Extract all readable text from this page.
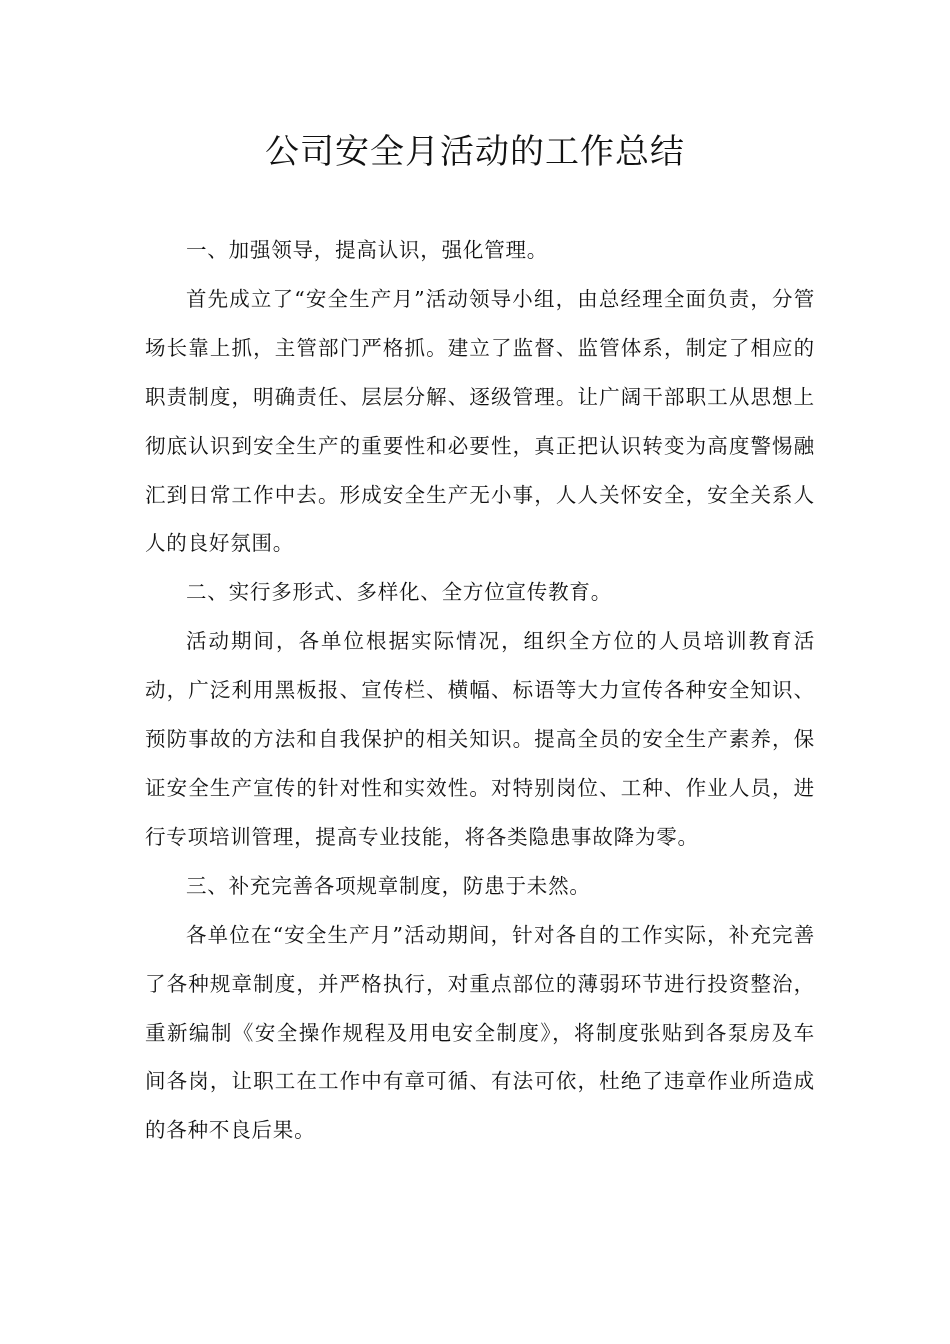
公司安全月活动的工作总结

一、加强领导，提高认识，强化管理。

首先成立了“安全生产月”活动领导小组，由总经理全面负责，分管场长靠上抓，主管部门严格抓。建立了监督、监管体系，制定了相应的职责制度，明确责任、层层分解、逐级管理。让广阔干部职工从思想上彻底认识到安全生产的重要性和必要性，真正把认识转变为高度警惕融汇到日常工作中去。形成安全生产无小事，人人关怀安全，安全关系人人的良好氛围。

二、实行多形式、多样化、全方位宣传教育。

活动期间，各单位根据实际情况，组织全方位的人员培训教育活动，广泛利用黑板报、宣传栏、横幅、标语等大力宣传各种安全知识、预防事故的方法和自我保护的相关知识。提高全员的安全生产素养，保证安全生产宣传的针对性和实效性。对特别岗位、工种、作业人员，进行专项培训管理，提高专业技能，将各类隐患事故降为零。

三、补充完善各项规章制度，防患于未然。

各单位在“安全生产月”活动期间，针对各自的工作实际，补充完善了各种规章制度，并严格执行，对重点部位的薄弱环节进行投资整治，重新编制《安全操作规程及用电安全制度》，将制度张贴到各泵房及车间各岗，让职工在工作中有章可循、有法可依，杜绝了违章作业所造成的各种不良后果。
